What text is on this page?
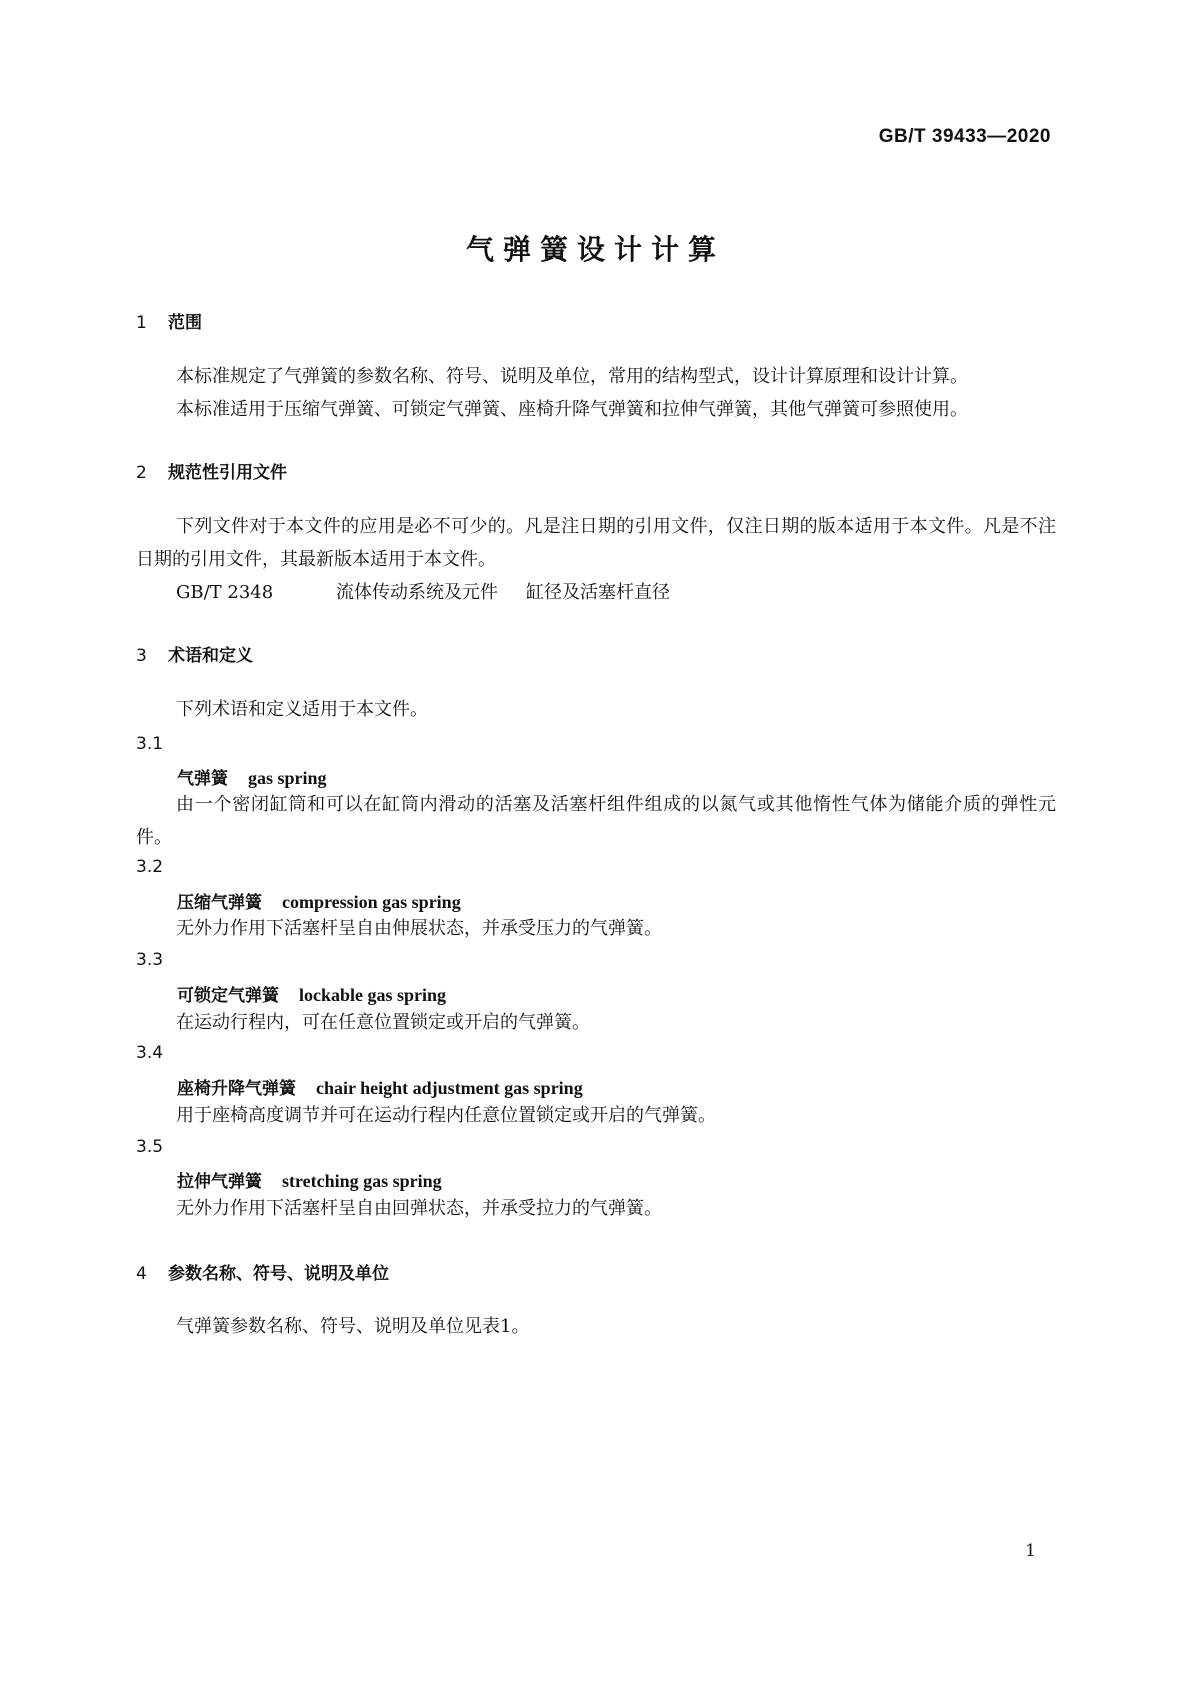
GB/T 39433—2020
气弹簧设计计算
1 范围

本标准规定了气弹簧的参数名称、符号、说明及单位，常用的结构型式，设计计算原理和设计计算。

本标准适用于压缩气弹簧、可锁定气弹簧、座椅升降气弹簧和拉伸气弹簧，其他气弹簧可参照使用。

2 规范性引用文件

下列文件对于本文件的应用是必不可少的。凡是注日期的引用文件，仅注日期的版本适用于本文件。凡是不注日期的引用文件，其最新版本适用于本文件。

GB/T 2348	流体传动系统及元件 缸径及活塞杆直径

3 术语和定义

下列术语和定义适用于本文件。

3.1
气弹簧 gas spring

由一个密闭缸筒和可以在缸筒内滑动的活塞及活塞杆组件组成的以氮气或其他惰性气体为储能介质的弹性元件。

3.2
压缩气弹簧 compression gas spring

无外力作用下活塞杆呈自由伸展状态，并承受压力的气弹簧。

3.3
可锁定气弹簧 lockable gas spring

在运动行程内，可在任意位置锁定或开启的气弹簧。

3.4
座椅升降气弹簧 chair height adjustment gas spring

用于座椅高度调节并可在运动行程内任意位置锁定或开启的气弹簧。

3.5
拉伸气弹簧 stretching gas spring

无外力作用下活塞杆呈自由回弹状态，并承受拉力的气弹簧。

4 参数名称、符号、说明及单位

气弹簧参数名称、符号、说明及单位见表1。

1
